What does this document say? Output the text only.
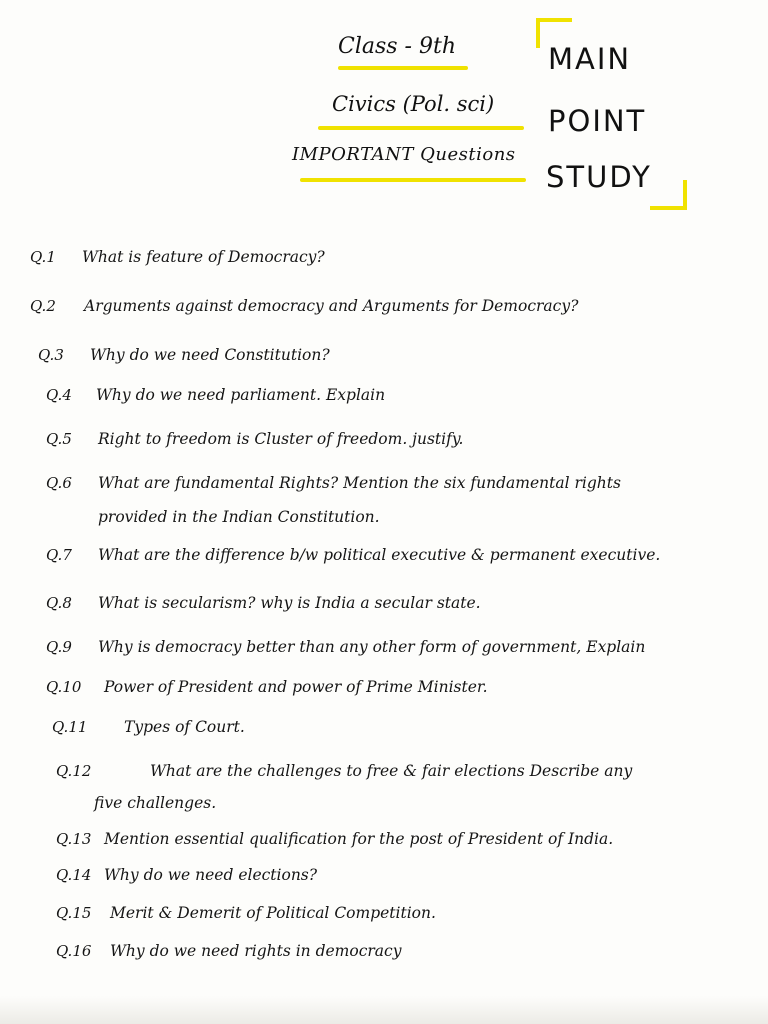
Class - 9th
Civics (Pol. sci)
IMPORTANT Questions
MAIN
POINT
STUDY
Q.1 What is feature of Democracy?
Q.2 Arguments against democracy and Arguments for Democracy?
Q.3 Why do we need Constitution?
Q.4 Why do we need parliament. Explain
Q.5 Right to freedom is Cluster of freedom. justify.
Q.6 What are fundamental Rights? Mention the six fundamental rights
provided in the Indian Constitution.
Q.7 What are the difference b/w political executive & permanent executive.
Q.8 What is secularism? why is India a secular state.
Q.9 Why is democracy better than any other form of government, Explain
Q.10 Power of President and power of Prime Minister.
Q.11 Types of Court.
Q.12	What are the challenges to free & fair elections Describe any
five challenges.
Q.13 Mention essential qualification for the post of President of India.
Q.14 Why do we need elections?
Q.15 Merit & Demerit of Political Competition.
Q.16 Why do we need rights in democracy
